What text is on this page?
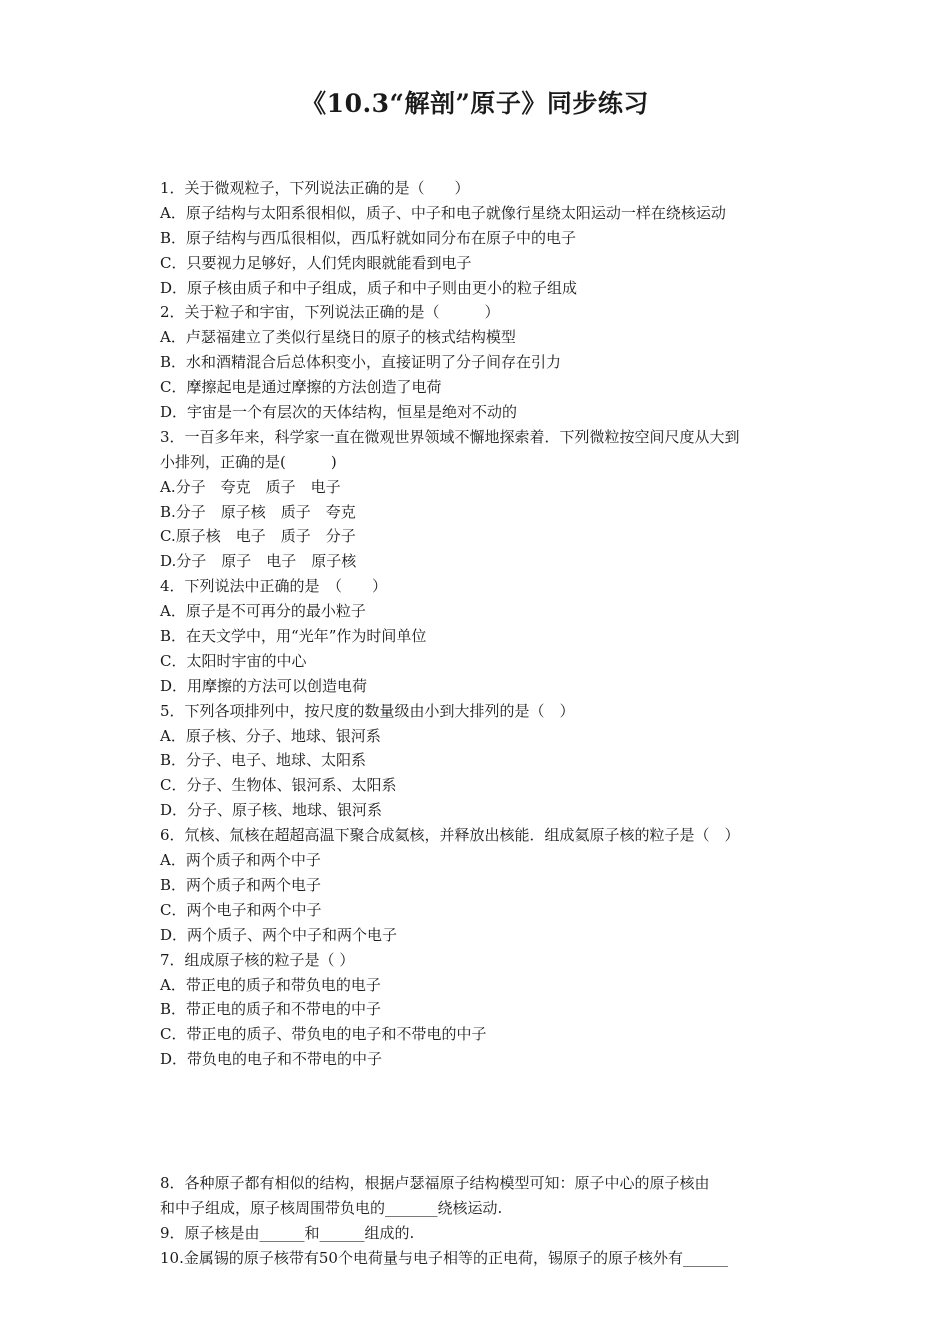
《10.3“解剖”原子》同步练习
1．关于微观粒子，下列说法正确的是（　　）
A．原子结构与太阳系很相似，质子、中子和电子就像行星绕太阳运动一样在绕核运动
B．原子结构与西瓜很相似，西瓜籽就如同分布在原子中的电子
C．只要视力足够好，人们凭肉眼就能看到电子
D．原子核由质子和中子组成，质子和中子则由更小的粒子组成
2．关于粒子和宇宙，下列说法正确的是（　　　）
A．卢瑟福建立了类似行星绕日的原子的核式结构模型
B．水和酒精混合后总体积变小，直接证明了分子间存在引力
C．摩擦起电是通过摩擦的方法创造了电荷
D．宇宙是一个有层次的天体结构，恒星是绝对不动的
3．一百多年来，科学家一直在微观世界领域不懈地探索着．下列微粒按空间尺度从大到
小排列，正确的是(　　　)
A.分子　夸克　质子　电子
B.分子　原子核　质子　夸克
C.原子核　电子　质子　分子
D.分子　原子　电子　原子核
4．下列说法中正确的是　（　　）
A．原子是不可再分的最小粒子
B．在天文学中，用“光年”作为时间单位
C．太阳时宇宙的中心
D．用摩擦的方法可以创造电荷
5．下列各项排列中，按尺度的数量级由小到大排列的是（　）
A．原子核、分子、地球、银河系
B．分子、电子、地球、太阳系
C．分子、生物体、银河系、太阳系
D．分子、原子核、地球、银河系
6．氘核、氚核在超超高温下聚合成氦核，并释放出核能．组成氦原子核的粒子是（　）
A．两个质子和两个中子
B．两个质子和两个电子
C．两个电子和两个中子
D．两个质子、两个中子和两个电子
7．组成原子核的粒子是（ ）
A．带正电的质子和带负电的电子
B．带正电的质子和不带电的中子
C．带正电的质子、带负电的电子和不带电的中子
D．带负电的电子和不带电的中子
8．各种原子都有相似的结构，根据卢瑟福原子结构模型可知：原子中心的原子核由
和中子组成，原子核周围带负电的_______绕核运动.
9．原子核是由______和______组成的.
10.金属锡的原子核带有50个电荷量与电子相等的正电荷，锡原子的原子核外有______
